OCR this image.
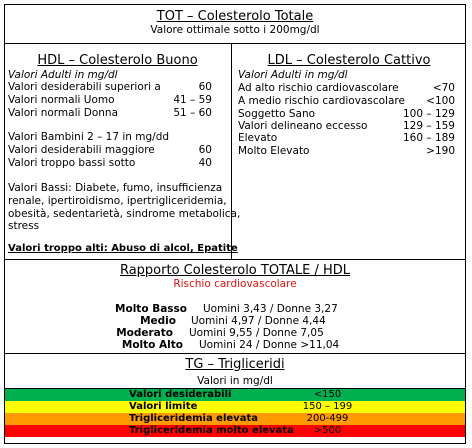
TOT – Colesterolo Totale
Valore ottimale sotto i 200mg/dl
HDL – Colesterolo Buono
Valori Adulti in mg/dl
Valori desiderabili superiori a	60
Valori normali Uomo	41 – 59
Valori normali Donna	51 – 60
Valori Bambini 2 – 17 in mg/dd
Valori desiderabili maggiore	60
Valori troppo bassi sotto	40
Valori Bassi: Diabete, fumo, insufficienza
renale, ipertiroidismo, ipertrigliceridemia,
obesità, sedentarietà, sindrome metabolica,
stress
Valori troppo alti: Abuso di alcol, Epatite
LDL – Colesterolo Cattivo
Valori Adulti in mg/dl
Ad alto rischio cardiovascolare	<70
A medio rischio cardiovascolare	<100
Soggetto Sano	100 – 129
Valori delineano eccesso	129 – 159
Elevato	160 – 189
Molto Elevato	>190
Rapporto Colesterolo TOTALE / HDL
Rischio cardiovascolare
Molto Basso Uomini 3,43 / Donne 3,27
Medio Uomini 4,97 / Donne 4,44
Moderato Uomini 9,55 / Donne 7,05
Molto Alto Uomini 24 / Donne >11,04
TG – Trigliceridi
Valori in mg/dl
Valori desiderabili	<150
Valori limite	150 – 199
Trigliceridemia elevata	200-499
Trigliceridemia molto elevata	>500
